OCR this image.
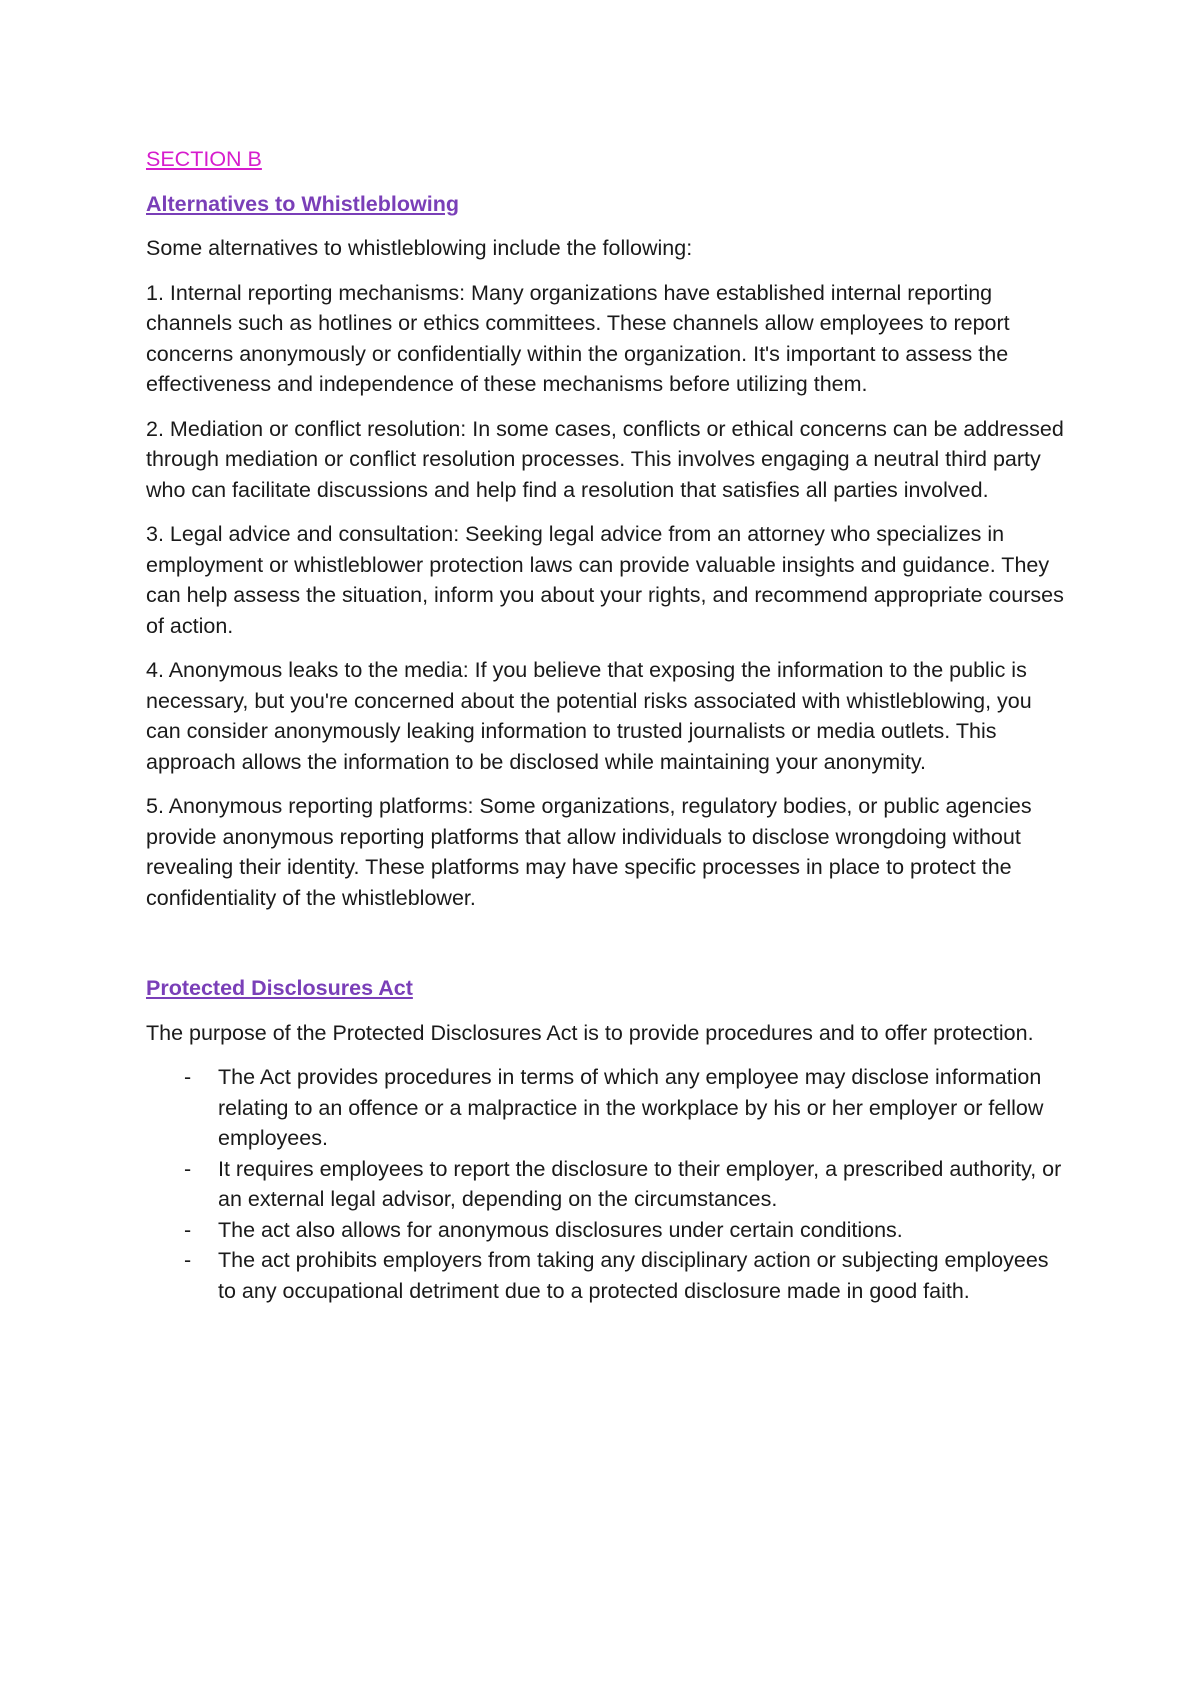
SECTION B
Alternatives to Whistleblowing

Some alternatives to whistleblowing include the following:

1. Internal reporting mechanisms: Many organizations have established internal reporting channels such as hotlines or ethics committees. These channels allow employees to report concerns anonymously or confidentially within the organization. It's important to assess the effectiveness and independence of these mechanisms before utilizing them.

2. Mediation or conflict resolution: In some cases, conflicts or ethical concerns can be addressed through mediation or conflict resolution processes. This involves engaging a neutral third party who can facilitate discussions and help find a resolution that satisfies all parties involved.

3. Legal advice and consultation: Seeking legal advice from an attorney who specializes in employment or whistleblower protection laws can provide valuable insights and guidance. They can help assess the situation, inform you about your rights, and recommend appropriate courses of action.

4. Anonymous leaks to the media: If you believe that exposing the information to the public is necessary, but you're concerned about the potential risks associated with whistleblowing, you can consider anonymously leaking information to trusted journalists or media outlets. This approach allows the information to be disclosed while maintaining your anonymity.

5. Anonymous reporting platforms: Some organizations, regulatory bodies, or public agencies provide anonymous reporting platforms that allow individuals to disclose wrongdoing without revealing their identity. These platforms may have specific processes in place to protect the confidentiality of the whistleblower.

Protected Disclosures Act

The purpose of the Protected Disclosures Act is to provide procedures and to offer protection.

- The Act provides procedures in terms of which any employee may disclose information relating to an offence or a malpractice in the workplace by his or her employer or fellow employees.
- It requires employees to report the disclosure to their employer, a prescribed authority, or an external legal advisor, depending on the circumstances.
- The act also allows for anonymous disclosures under certain conditions.
- The act prohibits employers from taking any disciplinary action or subjecting employees to any occupational detriment due to a protected disclosure made in good faith.
